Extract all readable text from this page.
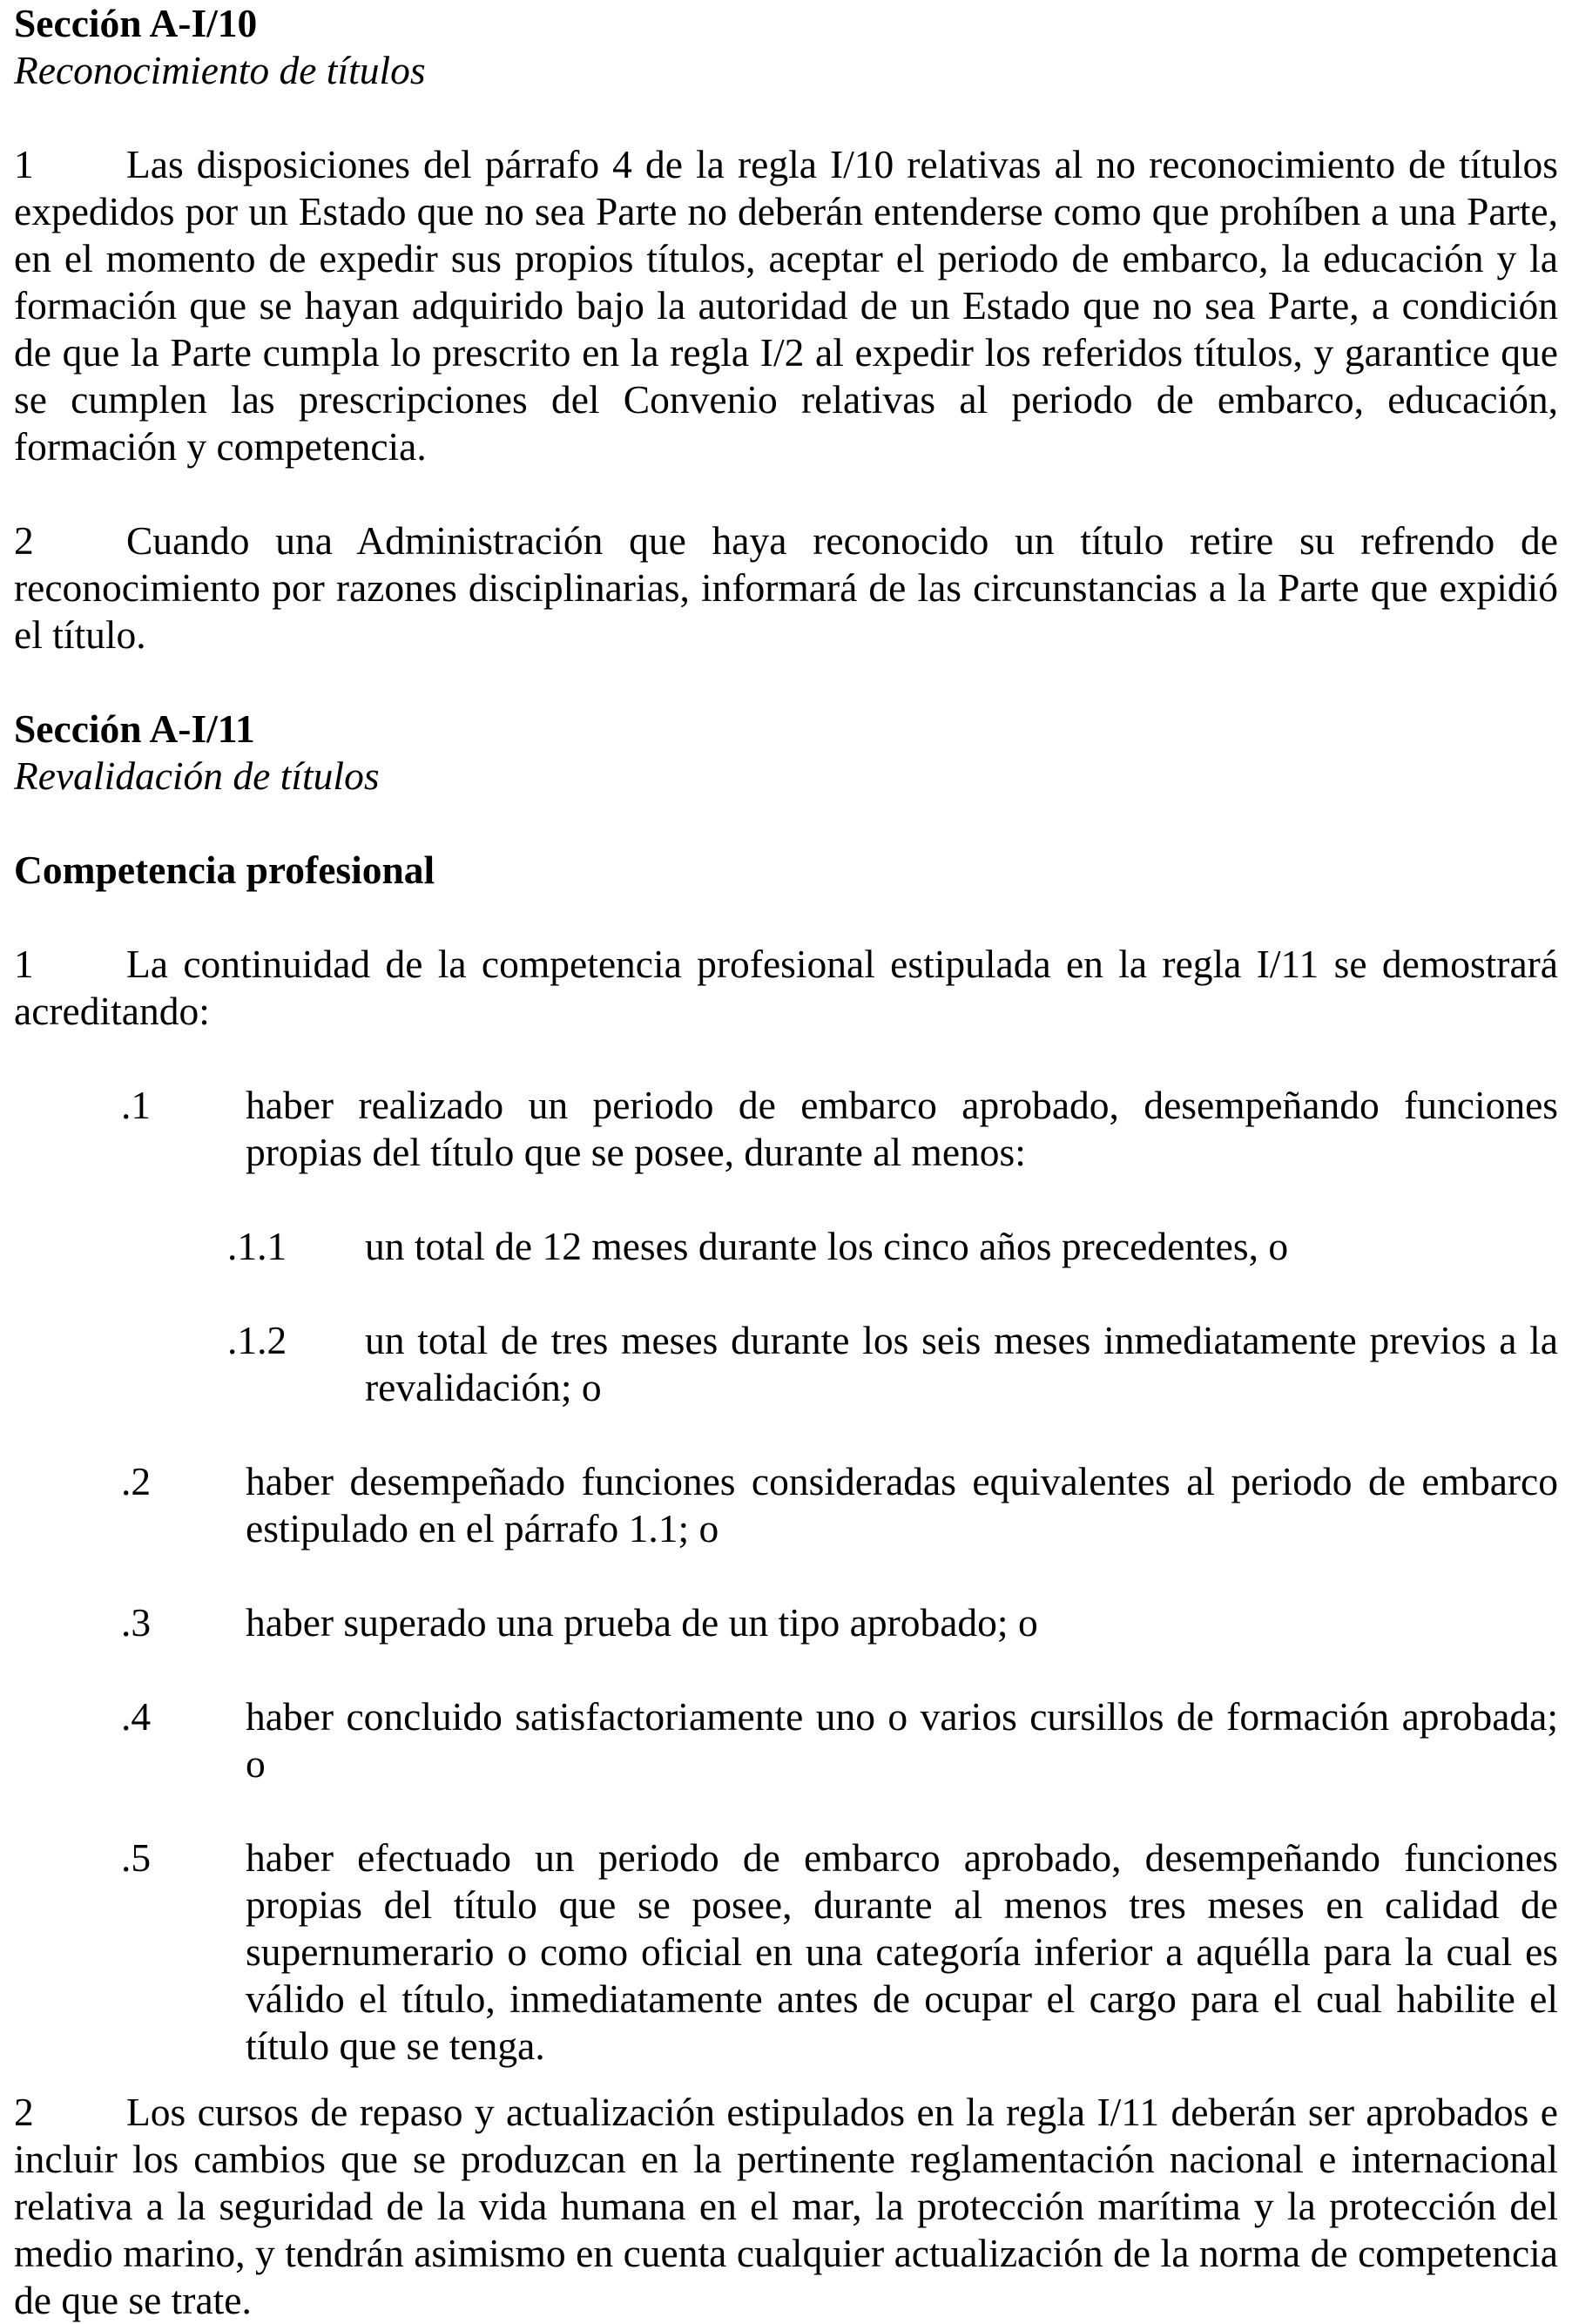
Sección A-I/10

Reconocimiento de títulos

1 Las disposiciones del párrafo 4 de la regla I/10 relativas al no reconocimiento de títulos expedidos por un Estado que no sea Parte no deberán entenderse como que prohíben a una Parte, en el momento de expedir sus propios títulos, aceptar el periodo de embarco, la educación y la formación que se hayan adquirido bajo la autoridad de un Estado que no sea Parte, a condición de que la Parte cumpla lo prescrito en la regla I/2 al expedir los referidos títulos, y garantice que se cumplen las prescripciones del Convenio relativas al periodo de embarco, educación, formación y competencia.

2 Cuando una Administración que haya reconocido un título retire su refrendo de reconocimiento por razones disciplinarias, informará de las circunstancias a la Parte que expidió el título.

Sección A-I/11

Revalidación de títulos

Competencia profesional

1 La continuidad de la competencia profesional estipulada en la regla I/11 se demostrará acreditando:

.1 haber realizado un periodo de embarco aprobado, desempeñando funciones propias del título que se posee, durante al menos:
.1.1 un total de 12 meses durante los cinco años precedentes, o
.1.2 un total de tres meses durante los seis meses inmediatamente previos a la revalidación; o
.2 haber desempeñado funciones consideradas equivalentes al periodo de embarco estipulado en el párrafo 1.1; o
.3 haber superado una prueba de un tipo aprobado; o
.4 haber concluido satisfactoriamente uno o varios cursillos de formación aprobada; o
.5 haber efectuado un periodo de embarco aprobado, desempeñando funciones propias del título que se posee, durante al menos tres meses en calidad de supernumerario o como oficial en una categoría inferior a aquélla para la cual es válido el título, inmediatamente antes de ocupar el cargo para el cual habilite el título que se tenga.

2 Los cursos de repaso y actualización estipulados en la regla I/11 deberán ser aprobados e incluir los cambios que se produzcan en la pertinente reglamentación nacional e internacional relativa a la seguridad de la vida humana en el mar, la protección marítima y la protección del medio marino, y tendrán asimismo en cuenta cualquier actualización de la norma de competencia de que se trate.
